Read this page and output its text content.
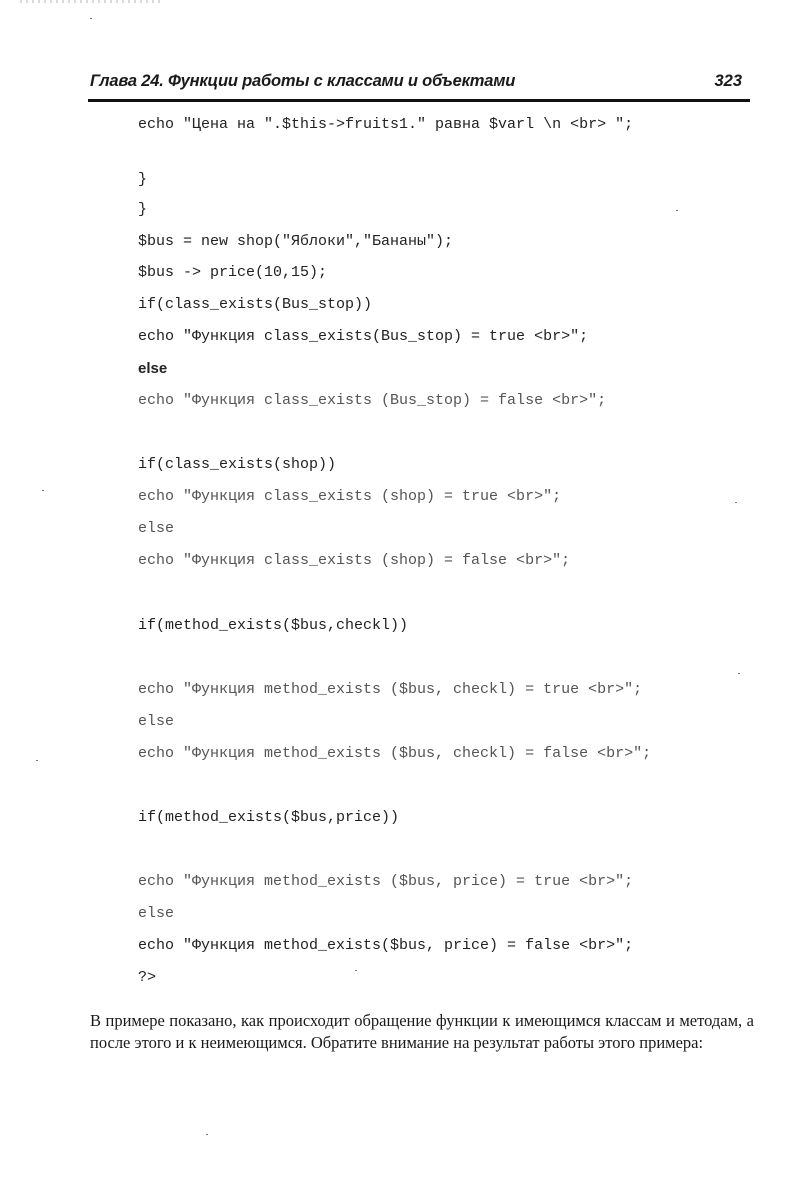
Глава 24. Функции работы с классами и объектами	323
echo "Цена на ".$this->fruits1." равна $varl \n <br> ";
}
}
$bus = new shop("Яблоки","Бананы");
$bus -> price(10,15);
if(class_exists(Bus_stop))
echo "Функция class_exists(Bus_stop) = true <br>";
else
echo "Функция class_exists (Bus_stop) = false <br>";
if(class_exists(shop))
echo "Функция class_exists (shop) = true <br>";
else
echo "Функция class_exists (shop) = false <br>";
if(method_exists($bus,checkl))
echo "Функция method_exists ($bus, checkl) = true <br>";
else
echo "Функция method_exists ($bus, checkl) = false <br>";
if(method_exists($bus,price))
echo "Функция method_exists ($bus, price) = true <br>";
else
echo "Функция method_exists($bus, price) = false <br>";
?>
В примере показано, как происходит обращение функции к имеющимся классам и методам, а после этого и к неимеющимся. Обратите внимание на результат работы этого примера:
